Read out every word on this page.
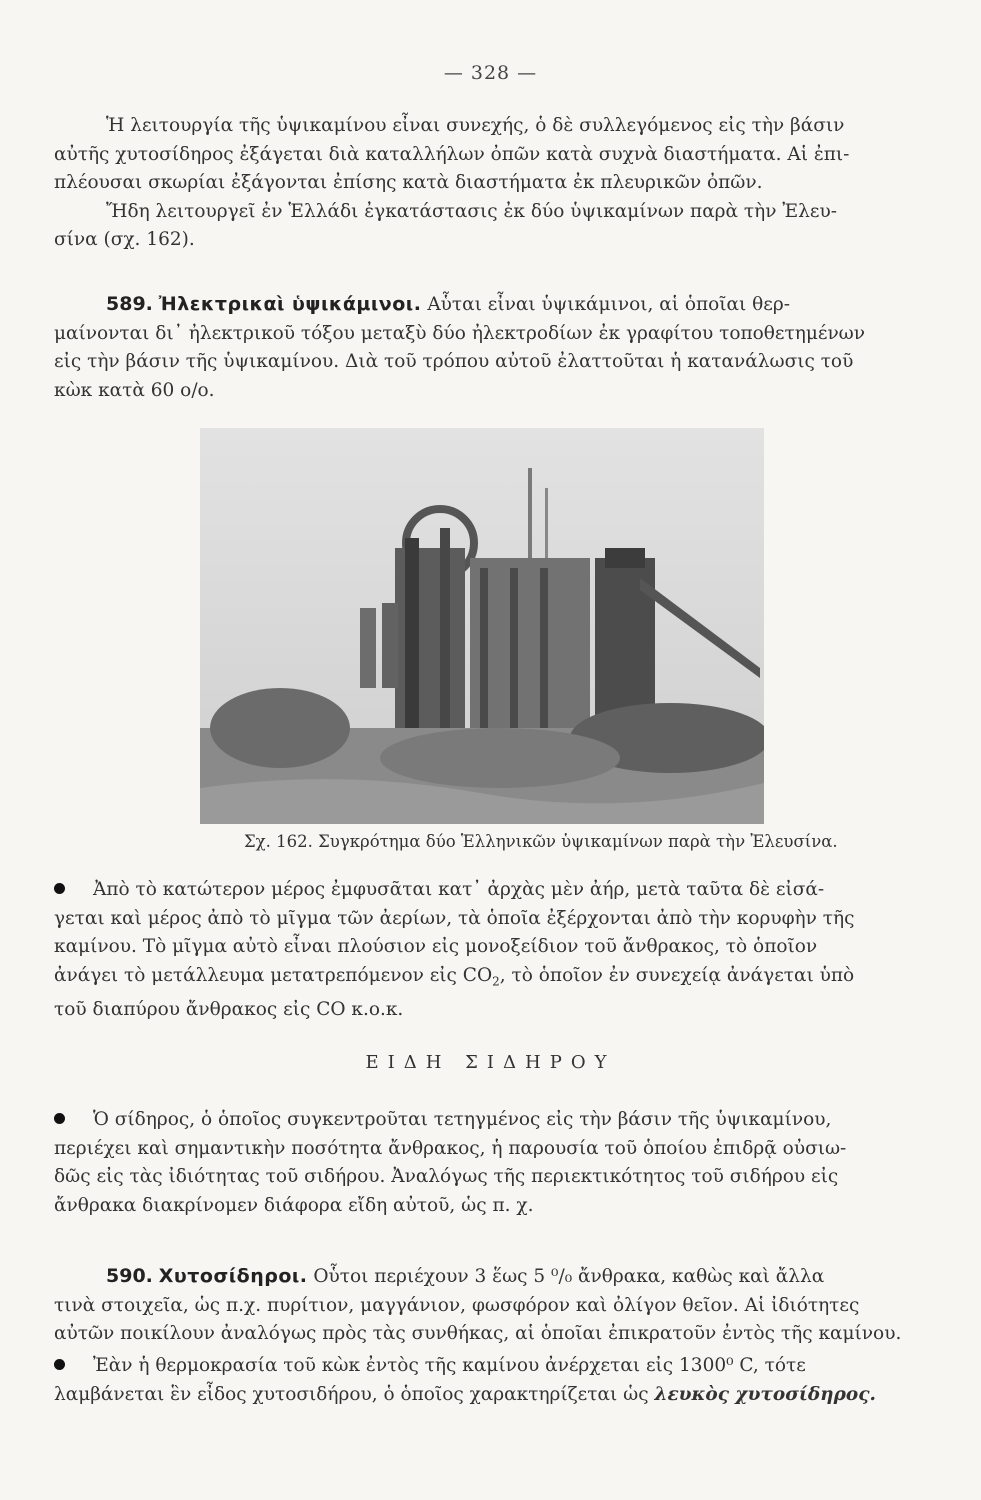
— 328 —
Ἡ λειτουργία τῆς ὑψικαμίνου εἶναι συνεχής, ὁ δὲ συλλεγόμενος εἰς τὴν βάσιν
αὐτῆς χυτοσίδηρος ἐξάγεται διὰ καταλλήλων ὀπῶν κατὰ συχνὰ διαστήματα. Αἱ ἐπι-
πλέουσαι σκωρίαι ἐξάγονται ἐπίσης κατὰ διαστήματα ἐκ πλευρικῶν ὀπῶν.
Ἤδη λειτουργεῖ ἐν Ἑλλάδι ἐγκατάστασις ἐκ δύο ὑψικαμίνων παρὰ τὴν Ἐλευ-
σίνα (σχ. 162).
589. Ἠλεκτρικαὶ ὑψικάμινοι. Αὗται εἶναι ὑψικάμινοι, αἱ ὁποῖαι θερ-
μαίνονται δι᾽ ἠλεκτρικοῦ τόξου μεταξὺ δύο ἠλεκτροδίων ἐκ γραφίτου τοποθετημένων
εἰς τὴν βάσιν τῆς ὑψικαμίνου. Διὰ τοῦ τρόπου αὐτοῦ ἐλαττοῦται ἡ κατανάλωσις τοῦ
κὼκ κατὰ 60 ο/ο.
Σχ. 162. Συγκρότημα δύο Ἑλληνικῶν ὑψικαμίνων παρὰ τὴν Ἐλευσίνα.
Ἀπὸ τὸ κατώτερον μέρος ἐμφυσᾶται κατ᾽ ἀρχὰς μὲν ἀήρ, μετὰ ταῦτα δὲ εἰσά-
γεται καὶ μέρος ἀπὸ τὸ μῖγμα τῶν ἀερίων, τὰ ὁποῖα ἐξέρχονται ἀπὸ τὴν κορυφὴν τῆς
καμίνου. Τὸ μῖγμα αὐτὸ εἶναι πλούσιον εἰς μονοξείδιον τοῦ ἄνθρακος, τὸ ὁποῖον
ἀνάγει τὸ μετάλλευμα μετατρεπόμενον εἰς $CO_2$, τὸ ὁποῖον ἐν συνεχείᾳ ἀνάγεται ὑπὸ
τοῦ διαπύρου ἄνθρακος εἰς CO κ.ο.κ.
ΕΙΔΗ ΣΙΔΗΡΟΥ
Ὁ σίδηρος, ὁ ὁποῖος συγκεντροῦται τετηγμένος εἰς τὴν βάσιν τῆς ὑψικαμίνου,
περιέχει καὶ σημαντικὴν ποσότητα ἄνθρακος, ἡ παρουσία τοῦ ὁποίου ἐπιδρᾷ οὐσιω-
δῶς εἰς τὰς ἰδιότητας τοῦ σιδήρου. Ἀναλόγως τῆς περιεκτικότητος τοῦ σιδήρου εἰς
ἄνθρακα διακρίνομεν διάφορα εἴδη αὐτοῦ, ὡς π. χ.
590. Χυτοσίδηροι. Οὗτοι περιέχουν 3 ἕως 5 ⁰/₀ ἄνθρακα, καθὼς καὶ ἄλλα
τινὰ στοιχεῖα, ὡς π.χ. πυρίτιον, μαγγάνιον, φωσφόρον καὶ ὀλίγον θεῖον. Αἱ ἰδιότητες
αὐτῶν ποικίλουν ἀναλόγως πρὸς τὰς συνθήκας, αἱ ὁποῖαι ἐπικρατοῦν ἐντὸς τῆς καμίνου.
Ἐὰν ἡ θερμοκρασία τοῦ κὼκ ἐντὸς τῆς καμίνου ἀνέρχεται εἰς 1300⁰ C, τότε
λαμβάνεται ἓν εἶδος χυτοσιδήρου, ὁ ὁποῖος χαρακτηρίζεται ὡς λευκὸς χυτοσίδηρος.
